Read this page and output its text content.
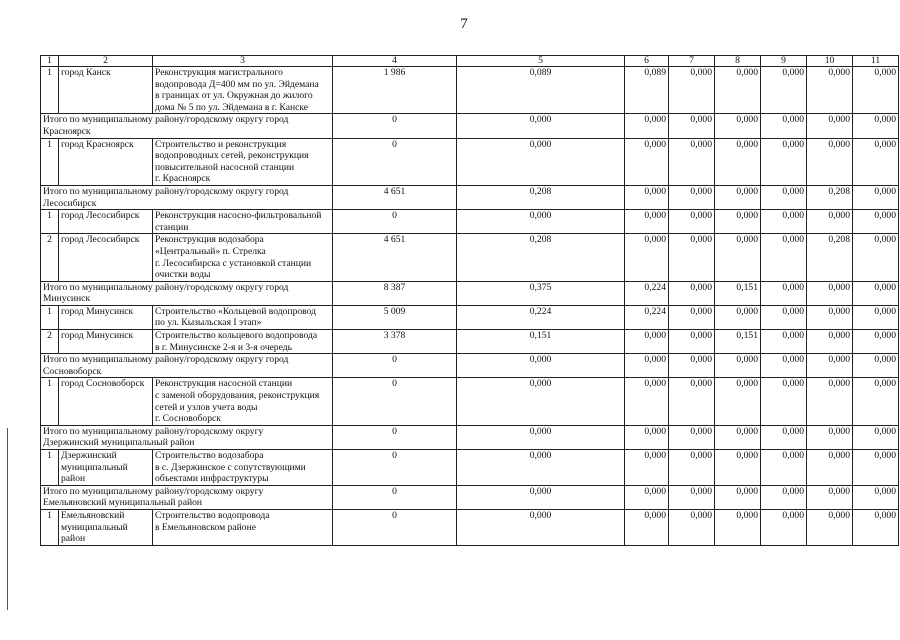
7
1	2	3	4	5	6	7	8	9	10	11
1	город Канск	Реконструкция магистрального
водопровода Д=400 мм по ул. Эйдемана
в границах от ул. Окружная до жилого
дома № 5 по ул. Эйдемана в г. Канске	1 986	0,089	0,089	0,000	0,000	0,000	0,000	0,000

Итого по муниципальному району/городскому округу город
Красноярск			0	0,000	0,000	0,000	0,000	0,000	0,000	0,000
1	город Красноярск	Строительство и реконструкция
водопроводных сетей, реконструкция
повысительной насосной станции
г. Красноярск	0	0,000	0,000	0,000	0,000	0,000	0,000	0,000

Итого по муниципальному району/городскому округу город
Лесосибирск			4 651	0,208	0,000	0,000	0,000	0,000	0,208	0,000
1	город Лесосибирск	Реконструкция насосно-фильтровальной
станции	0	0,000	0,000	0,000	0,000	0,000	0,000	0,000
2	город Лесосибирск	Реконструкция водозабора
«Центральный» п. Стрелка
г. Лесосибирска с установкой станции
очистки воды	4 651	0,208	0,000	0,000	0,000	0,000	0,208	0,000

Итого по муниципальному району/городскому округу город
Минусинск			8 387	0,375	0,224	0,000	0,151	0,000	0,000	0,000
1	город Минусинск	Строительство «Кольцевой водопровод
по ул. Кызыльская I этап»	5 009	0,224	0,224	0,000	0,000	0,000	0,000	0,000
2	город Минусинск	Строительство кольцевого водопровода
в г. Минусинске 2-я и 3-я очередь	3 378	0,151	0,000	0,000	0,151	0,000	0,000	0,000

Итого по муниципальному району/городскому округу город
Сосновоборск			0	0,000	0,000	0,000	0,000	0,000	0,000	0,000
1	город Сосновоборск	Реконструкция насосной станции
с заменой оборудования, реконструкция
сетей и узлов учета воды
г. Сосновоборск	0	0,000	0,000	0,000	0,000	0,000	0,000	0,000

Итого по муниципальному району/городскому округу
Дзержинский муниципальный район			0	0,000	0,000	0,000	0,000	0,000	0,000	0,000
1	Дзержинский муниципальный район	Строительство водозабора
в с. Дзержинское с сопутствующими
объектами инфраструктуры	0	0,000	0,000	0,000	0,000	0,000	0,000	0,000

Итого по муниципальному району/городскому округу
Емельяновский муниципальный район			0	0,000	0,000	0,000	0,000	0,000	0,000	0,000
1	Емельяновский муниципальный район	Строительство водопровода
в Емельяновском районе	0	0,000	0,000	0,000	0,000	0,000	0,000	0,000
